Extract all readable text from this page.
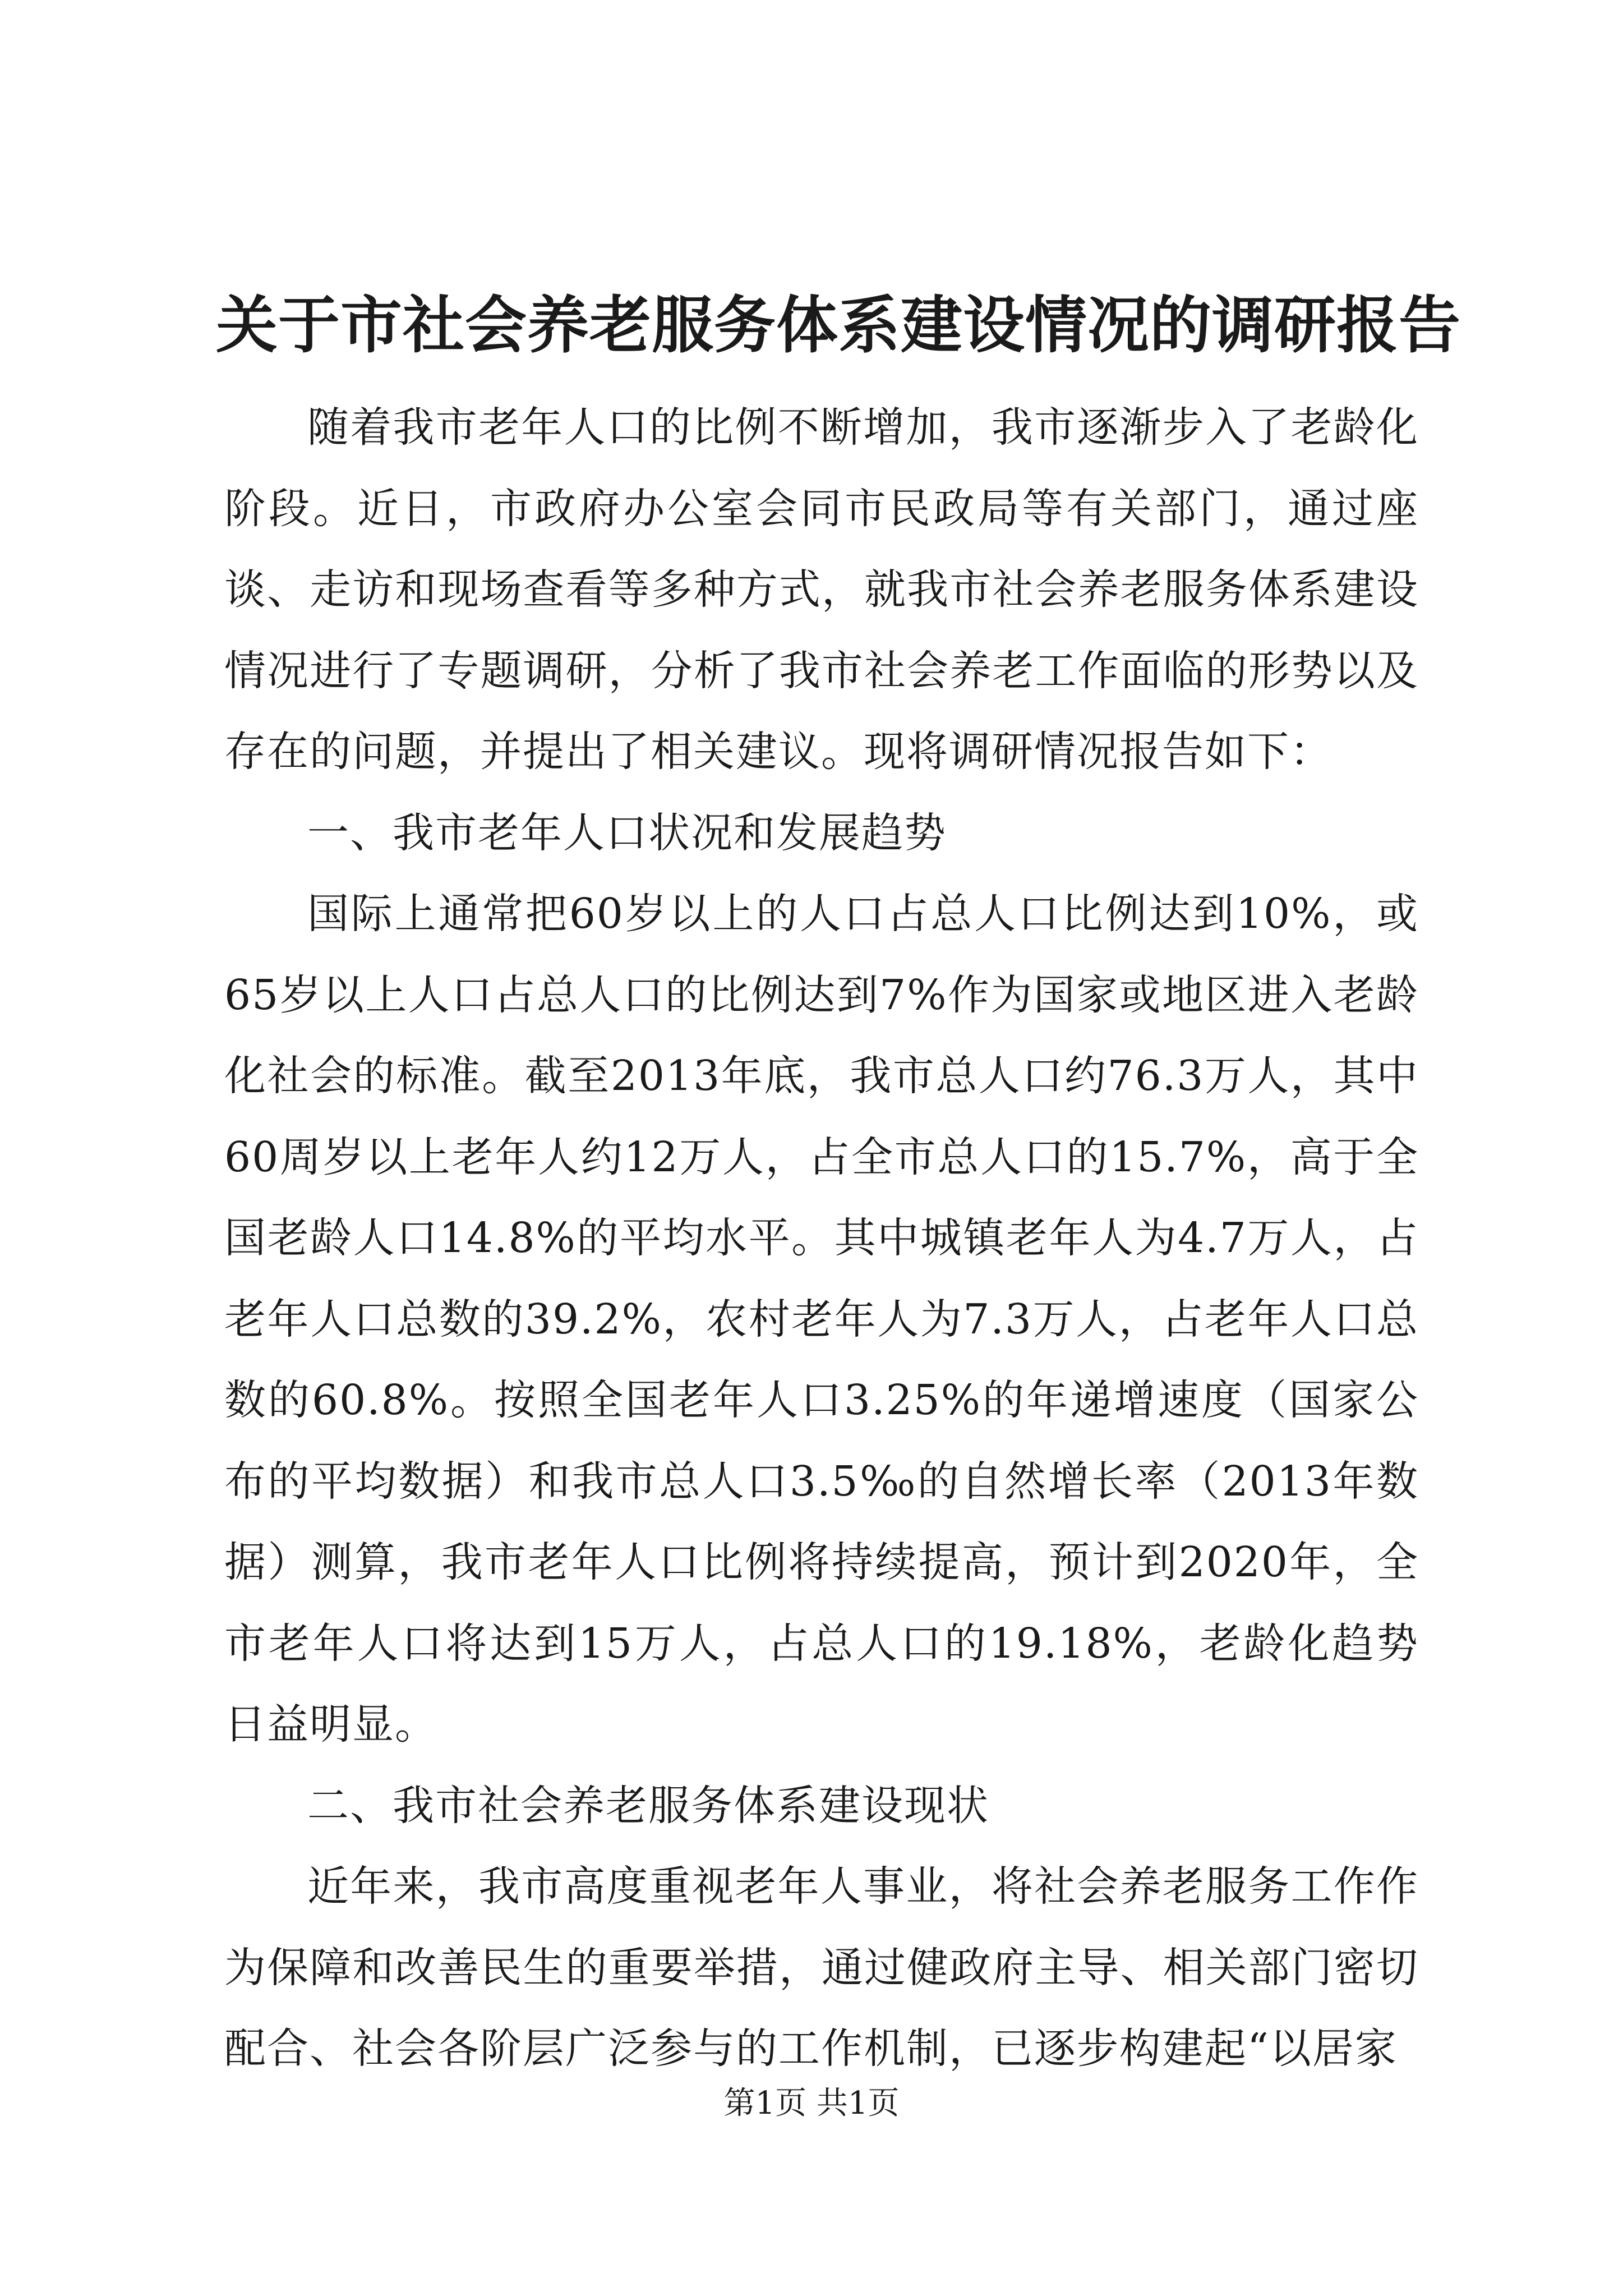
关于市社会养老服务体系建设情况的调研报告

随着我市老年人口的比例不断增加，我市逐渐步入了老龄化阶段。近日，市政府办公室会同市民政局等有关部门，通过座谈、走访和现场查看等多种方式，就我市社会养老服务体系建设情况进行了专题调研，分析了我市社会养老工作面临的形势以及存在的问题，并提出了相关建议。现将调研情况报告如下：

一、我市老年人口状况和发展趋势

国际上通常把60岁以上的人口占总人口比例达到10%，或65岁以上人口占总人口的比例达到7%作为国家或地区进入老龄化社会的标准。截至2013年底，我市总人口约76.3万人，其中60周岁以上老年人约12万人，占全市总人口的15.7%，高于全国老龄人口14.8%的平均水平。其中城镇老年人为4.7万人，占老年人口总数的39.2%，农村老年人为7.3万人，占老年人口总数的60.8%。按照全国老年人口3.25%的年递增速度（国家公布的平均数据）和我市总人口3.5‰的自然增长率（2013年数据）测算，我市老年人口比例将持续提高，预计到2020年，全市老年人口将达到15万人，占总人口的19.18%，老龄化趋势日益明显。

二、我市社会养老服务体系建设现状

近年来，我市高度重视老年人事业，将社会养老服务工作作为保障和改善民生的重要举措，通过健政府主导、相关部门密切配合、社会各阶层广泛参与的工作机制，已逐步构建起“以居家

第1页 共1页
